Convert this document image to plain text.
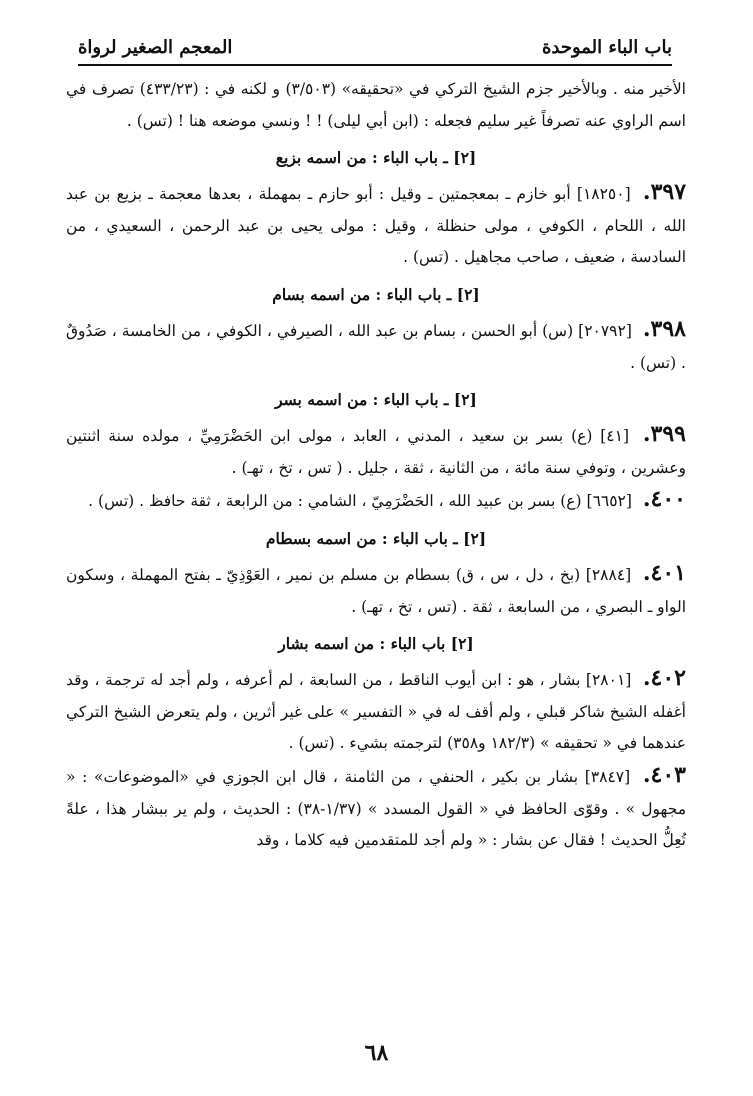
المعجم الصغير لرواة	باب الباء الموحدة

الأخير منه . وبالأخير جزم الشيخ التركي في «تحقيقه» (٣/٥٠٣) و لكنه في : (٤٣٣/٢٣) تصرف في اسم الراوي عنه تصرفاً غير سليم فجعله : (ابن أبي ليلى) ! ! ونسي موضعه هنا ! (تس) .

[٢] ـ باب الباء : من اسمه بزيع

٣٩٧. [١٨٢٥٠] أبو خازم ـ بمعجمتين ـ وقيل : أبو حازم ـ بمهملة ، بعدها معجمة ـ بزيع بن عبد الله ، اللحام ، الكوفي ، مولى حنظلة ، وقيل : مولى يحيى بن عبد الرحمن ، السعيدي ، من السادسة ، ضعيف ، صاحب مجاهيل . (تس) .

[٢] ـ باب الباء : من اسمه بسام

٣٩٨. [٢٠٧٩٢] (س) أبو الحسن ، بسام بن عبد الله ، الصيرفي ، الكوفي ، من الخامسة ، صَدُوقٌ . (تس) .

[٢] ـ باب الباء : من اسمه بسر

٣٩٩. [٤١] (ع) بسر بن سعيد ، المدني ، العابد ، مولى ابن الحَضْرَمِيِّ ، مولده سنة اثنتين وعشرين ، وتوفي سنة مائة ، من الثانية ، ثقة ، جليل . ( تس ، تخ ، تهـ) .

٤٠٠. [٦٦٥٢] (ع) بسر بن عبيد الله ، الحَضْرَمِيّ ، الشامي : من الرابعة ، ثقة حافظ . (تس) .

[٢] ـ باب الباء : من اسمه بسطام

٤٠١. [٢٨٨٤] (بخ ، دل ، س ، ق) بسطام بن مسلم بن نمير ، العَوْذِيّ ـ بفتح المهملة ، وسكون الواو ـ البصري ، من السابعة ، ثقة . (تس ، تخ ، تهـ) .

[٢] باب الباء : من اسمه بشار

٤٠٢. [٢٨٠١] بشار ، هو : ابن أيوب الناقط ، من السابعة ، لم أعرفه ، ولم أجد له ترجمة ، وقد أغفله الشيخ شاكر قبلي ، ولم أقف له في « التفسير » على غير أثرين ، ولم يتعرض الشيخ التركي عندهما في « تحقيقه » (١٨٢/٣ و٣٥٨) لترجمته بشيء . (تس) .

٤٠٣. [٣٨٤٧] بشار بن بكير ، الحنفي ، من الثامنة ، قال ابن الجوزي في «الموضوعات» : « مجهول » . وقوّى الحافظ في « القول المسدد » (١/٣٧-٣٨) : الحديث ، ولم ير ببشار هذا ، علةً تُعِلُّ الحديث ! فقال عن بشار : « ولم أجد للمتقدمين فيه كلاما ، وقد

٦٨
